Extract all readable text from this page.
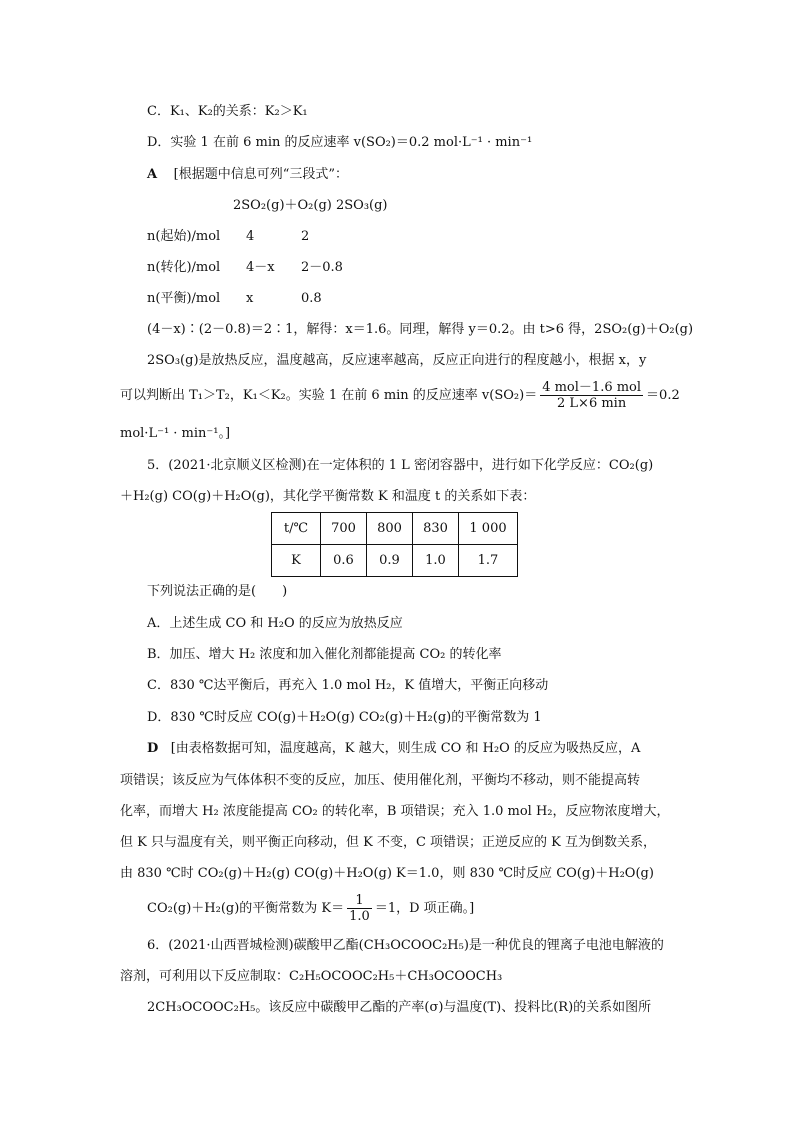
C．K₁、K₂的关系：K₂＞K₁
D．实验 1 在前 6 min 的反应速率 v(SO₂)＝0.2 mol·L⁻¹ · min⁻¹
A [根据题中信息可列“三段式”：
2SO₂(g)＋O₂(g) 2SO₃(g)
n(起始)/mol 4	2
n(转化)/mol 4－x 2－0.8
n(平衡)/mol x	0.8
(4－x)∶(2－0.8)＝2∶1，解得：x＝1.6。同理，解得 y＝0.2。由 t>6 得，2SO₂(g)＋O₂(g)
2SO₃(g)是放热反应，温度越高，反应速率越高，反应正向进行的程度越小，根据 x，y
可以判断出 T₁＞T₂，K₁＜K₂。实验 1 在前 6 min 的反应速率 $v(SO_2)= \frac{\text{4 mol－1.6 mol}}{2 L\times 6 \min} =0.2$
mol·L⁻¹ · min⁻¹。]
5．(2021·北京顺义区检测)在一定体积的 1 L 密闭容器中，进行如下化学反应：CO₂(g)
＋H₂(g) CO(g)＋H₂O(g)，其化学平衡常数 K 和温度 t 的关系如下表：
t/℃	700	800	830	1 000
K	0.6	0.9	1.0	1.7
下列说法正确的是(　　)
A．上述生成 CO 和 H₂O 的反应为放热反应
B．加压、增大 H₂ 浓度和加入催化剂都能提高 CO₂ 的转化率
C．830 ℃达平衡后，再充入 1.0 mol H₂，K 值增大，平衡正向移动
D．830 ℃时反应 CO(g)＋H₂O(g) CO₂(g)＋H₂(g)的平衡常数为 1
D [由表格数据可知，温度越高，K 越大，则生成 CO 和 H₂O 的反应为吸热反应，A
项错误；该反应为气体体积不变的反应，加压、使用催化剂，平衡均不移动，则不能提高转
化率，而增大 H₂ 浓度能提高 CO₂ 的转化率，B 项错误；充入 1.0 mol H₂，反应物浓度增大，
但 K 只与温度有关，则平衡正向移动，但 K 不变，C 项错误；正逆反应的 K 互为倒数关系，
由 830 ℃时 CO₂(g)＋H₂(g) CO(g)＋H₂O(g) K＝1.0，则 830 ℃时反应 CO(g)＋H₂O(g)
CO₂(g)＋H₂(g)的平衡常数为 $K= \frac{1}{1.0} =1$，D 项正确。]
6．(2021·山西晋城检测)碳酸甲乙酯(CH₃OCOOC₂H₅)是一种优良的锂离子电池电解液的
溶剂，可利用以下反应制取：C₂H₅OCOOC₂H₅＋CH₃OCOOCH₃
2CH₃OCOOC₂H₅。该反应中碳酸甲乙酯的产率(σ)与温度(T)、投料比(R)的关系如图所
